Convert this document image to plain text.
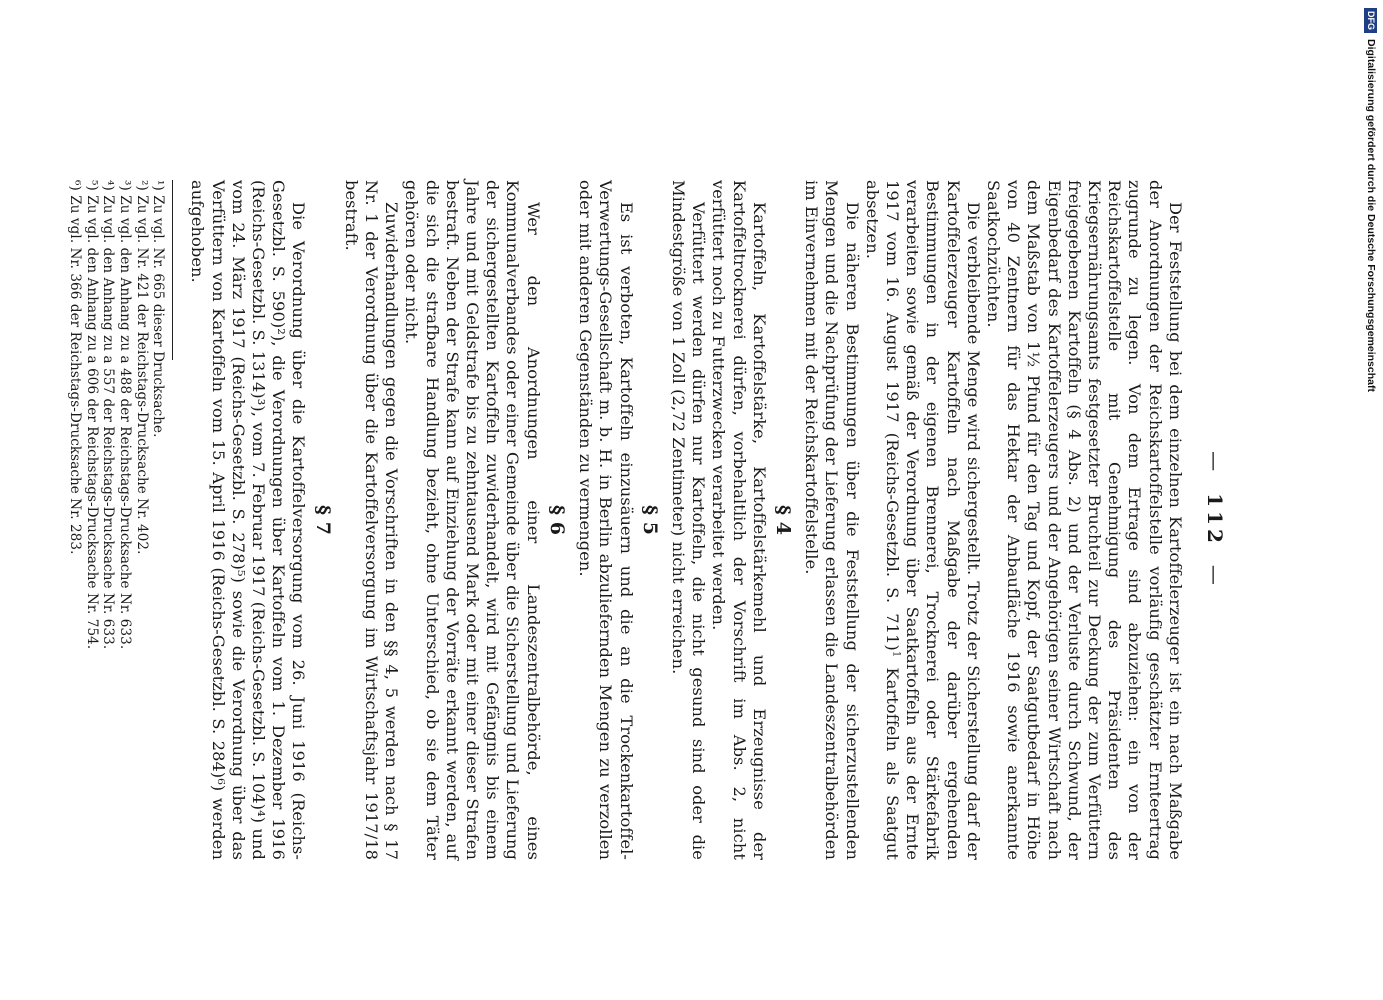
—112—

Der Feststellung bei dem einzelnen Kartoffelerzeuger ist ein nach Maßgabe der Anordnungen der Reichskartoffelstelle vorläufig geschätzter Ernteertrag zugrunde zu legen. Von dem Ertrage sind abzuziehen: ein von der Reichskartoffelstelle mit Genehmigung des Präsidenten des Kriegsernährungsamts festgesetzter Bruchteil zur Deckung der zum Verfüttern freigegebenen Kartoffeln (§ 4 Abs. 2) und der Verluste durch Schwund, der Eigenbedarf des Kartoffelerzeugers und der Angehörigen seiner Wirtschaft nach dem Maßstab von 1½ Pfund für den Tag und Kopf, der Saatgutbedarf in Höhe von 40 Zentnern für das Hektar der Anbaufläche 1916 sowie anerkannte Saatkochzüchten.

Die verbleibende Menge wird sichergestellt. Trotz der Sicherstellung darf der Kartoffelerzeuger Kartoffeln nach Maßgabe der darüber ergehenden Bestimmungen in der eigenen Brennerei, Trocknerei oder Stärkefabrik verarbeiten sowie gemäß der Verordnung über Saatkartoffeln aus der Ernte 1917 vom 16. August 1917 (Reichs-Gesetzbl. S. 711)$^1$ Kartoffeln als Saatgut absetzen.

Die näheren Bestimmungen über die Feststellung der sicherzustellenden Mengen und die Nachprüfung der Lieferung erlassen die Landeszentralbehörden im Einvernehmen mit der Reichskartoffelstelle.

§ 4

Kartoffeln, Kartoffelstärke, Kartoffelstärkemehl und Erzeugnisse der Kartoffeltrocknerei dürfen, vorbehaltlich der Vorschrift im Abs. 2, nicht verfüttert noch zu Futterzwecken verarbeitet werden.

Verfüttert werden dürfen nur Kartoffeln, die nicht gesund sind oder die Mindestgröße von 1 Zoll (2,72 Zentimeter) nicht erreichen.

§ 5

Es ist verboten, Kartoffeln einzusäuern und die an die Trockenkartoffel-Verwertungs-Gesellschaft m. b. H. in Berlin abzuliefernden Mengen zu verzollen oder mit anderen Gegenständen zu vermengen.

§ 6

Wer den Anordnungen einer Landeszentralbehörde, eines Kommunalverbandes oder einer Gemeinde über die Sicherstellung und Lieferung der sichergestellten Kartoffeln zuwiderhandelt, wird mit Gefängnis bis einem Jahre und mit Geldstrafe bis zu zehntausend Mark oder mit einer dieser Strafen bestraft. Neben der Strafe kann auf Einziehung der Vorräte erkannt werden, auf die sich die strafbare Handlung bezieht, ohne Unterschied, ob sie dem Täter gehören oder nicht.

Zuwiderhandlungen gegen die Vorschriften in den §§ 4, 5 werden nach § 17 Nr. 1 der Verordnung über die Kartoffelversorgung im Wirtschaftsjahr 1917/18 bestraft.

§ 7

Die Verordnung über die Kartoffelversorgung vom 26. Juni 1916 (Reichs-Gesetzbl. S. 590)²), die Verordnungen über Kartoffeln vom 1. Dezember 1916 (Reichs-Gesetzbl. S. 1314)³), vom 7. Februar 1917 (Reichs-Gesetzbl. S. 104)⁴) und vom 24. März 1917 (Reichs-Gesetzbl. S. 278)⁵) sowie die Verordnung über das Verfüttern von Kartoffeln vom 15. April 1916 (Reichs-Gesetzbl. S. 284)⁶) werden aufgehoben.

¹) Zu vgl. Nr. 665 dieser Drucksache.
²) Zu vgl. Nr. 421 der Reichstags-Drucksache Nr. 402.
³) Zu vgl. den Anhang zu a 488 der Reichstags-Drucksache Nr. 633.
⁴) Zu vgl. den Anhang zu a 557 der Reichstags-Drucksache Nr. 633.
⁵) Zu vgl. den Anhang zu a 606 der Reichstags-Drucksache Nr. 754.
⁶) Zu vgl. Nr. 366 der Reichstags-Drucksache Nr. 283.
DFG
Digitalisierung gefördert durch die Deutsche Forschungsgemeinschaft
